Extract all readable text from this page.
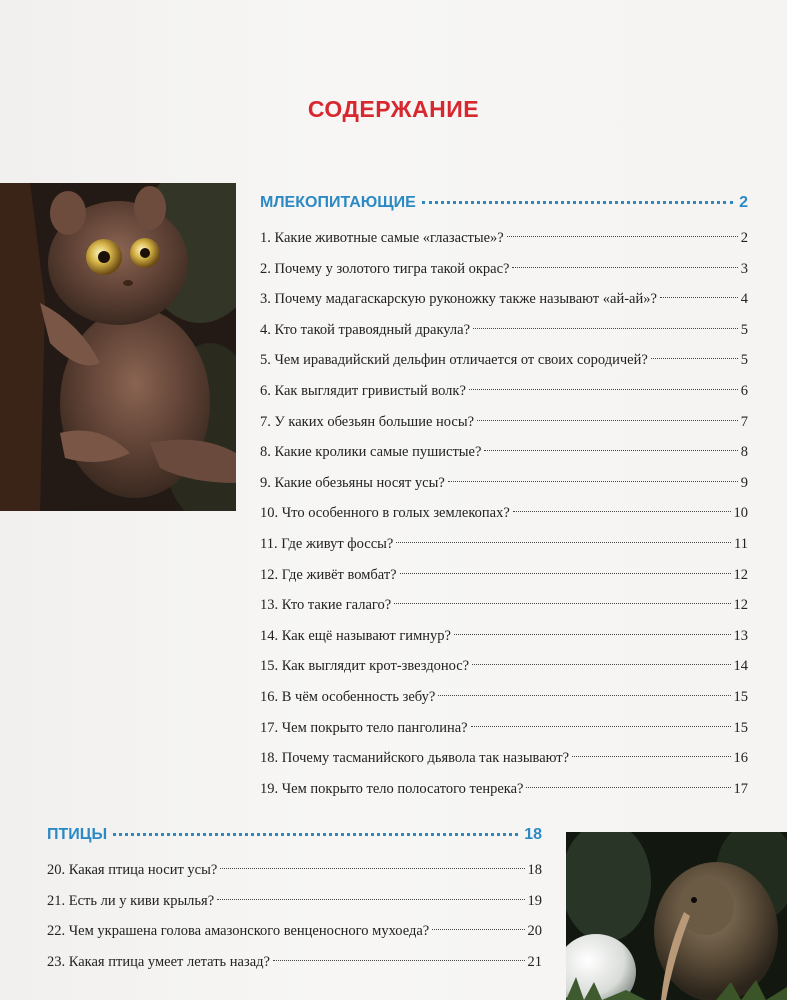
СОДЕРЖАНИЕ
МЛЕКОПИТАЮЩИЕ	2
1. Какие животные самые «глазастые»?	2
2. Почему у золотого тигра такой окрас?	3
3. Почему мадагаскарскую руконожку также называют «ай-ай»?	4
4. Кто такой травоядный дракула?	5
5. Чем иравадийский дельфин отличается от своих сородичей?	5
6. Как выглядит гривистый волк?	6
7. У каких обезьян большие носы?	7
8. Какие кролики самые пушистые?	8
9. Какие обезьяны носят усы?	9
10. Что особенного в голых землекопах?	10
11. Где живут фоссы?	11
12. Где живёт вомбат?	12
13. Кто такие галаго?	12
14. Как ещё называют гимнур?	13
15. Как выглядит крот-звездонос?	14
16. В чём особенность зебу?	15
17. Чем покрыто тело панголина?	15
18. Почему тасманийского дьявола так называют?	16
19. Чем покрыто тело полосатого тенрека?	17
ПТИЦЫ	18
20. Какая птица носит усы?	18
21. Есть ли у киви крылья?	19
22. Чем украшена голова амазонского венценосного мухоеда?	20
23. Какая птица умеет летать назад?	21
